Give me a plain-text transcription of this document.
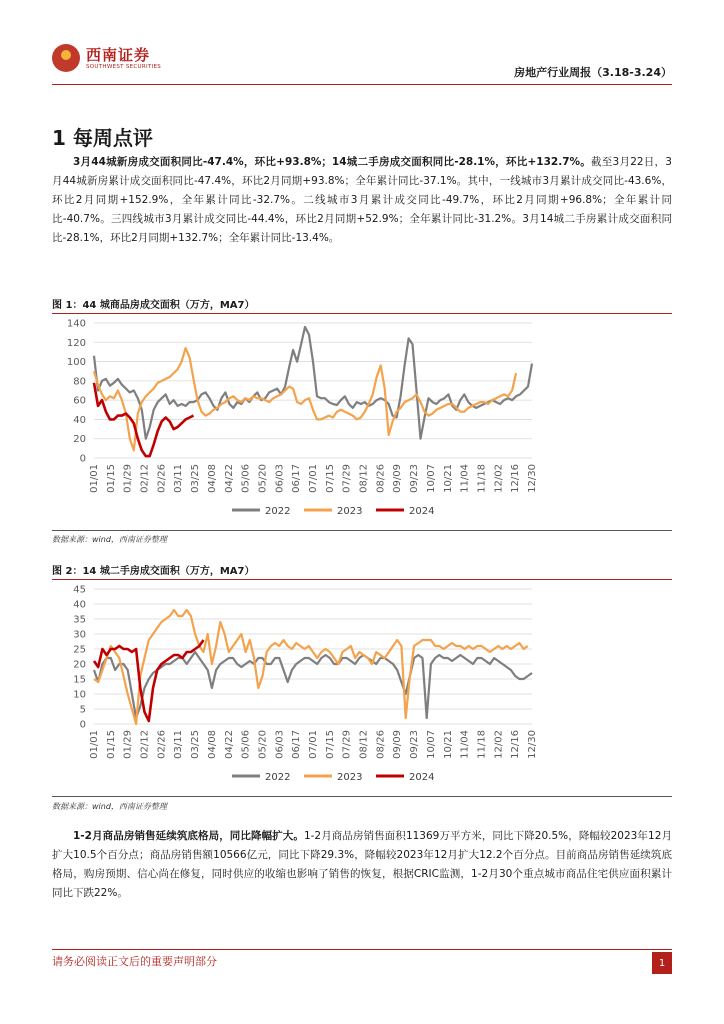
西南证券
SOUTHWEST SECURITIES	房地产行业周报（3.18-3.24）
1 每周点评
3月44城新房成交面积同比-47.4%，环比+93.8%；14城二手房成交面积同比-28.1%，环比+132.7%。截至3月22日，3月44城新房累计成交面积同比-47.4%，环比2月同期+93.8%；全年累计同比-37.1%。其中，一线城市3月累计成交同比-43.6%，环比2月同期+152.9%，全年累计同比-32.7%。二线城市3月累计成交同比-49.7%，环比2月同期+96.8%；全年累计同比-40.7%。三四线城市3月累计成交同比-44.4%，环比2月同期+52.9%；全年累计同比-31.2%。3月14城二手房累计成交面积同比-28.1%，环比2月同期+132.7%；全年累计同比-13.4%。
图 1：44 城商品房成交面积（万方，MA7）
0
20
40
60
80
100
120
140
01/01 01/15 01/29 02/12 02/26 03/11 03/25 04/08 04/22 05/06 05/20 06/03 06/17 07/01 07/15 07/29 08/12 08/26 09/09 09/23 10/07 10/21 11/04 11/18 12/02 12/16 12/30
2022	2023	2024
数据来源：wind，西南证券整理
图 2：14 城二手房成交面积（万方，MA7）
0
5
10
15
20
25
30
35
40
45
01/01 01/15 01/29 02/12 02/26 03/11 03/25 04/08 04/22 05/06 05/20 06/03 06/17 07/01 07/15 07/29 08/12 08/26 09/09 09/23 10/07 10/21 11/04 11/18 12/02 12/16 12/30
2022	2023	2024
数据来源：wind，西南证券整理
1-2月商品房销售延续筑底格局，同比降幅扩大。1-2月商品房销售面积11369万平方米，同比下降20.5%，降幅较2023年12月扩大10.5个百分点；商品房销售额10566亿元，同比下降29.3%，降幅较2023年12月扩大12.2个百分点。目前商品房销售延续筑底格局，购房预期、信心尚在修复，同时供应的收缩也影响了销售的恢复，根据CRIC监测，1-2月30个重点城市商品住宅供应面积累计同比下跌22%。
请务必阅读正文后的重要声明部分	1
